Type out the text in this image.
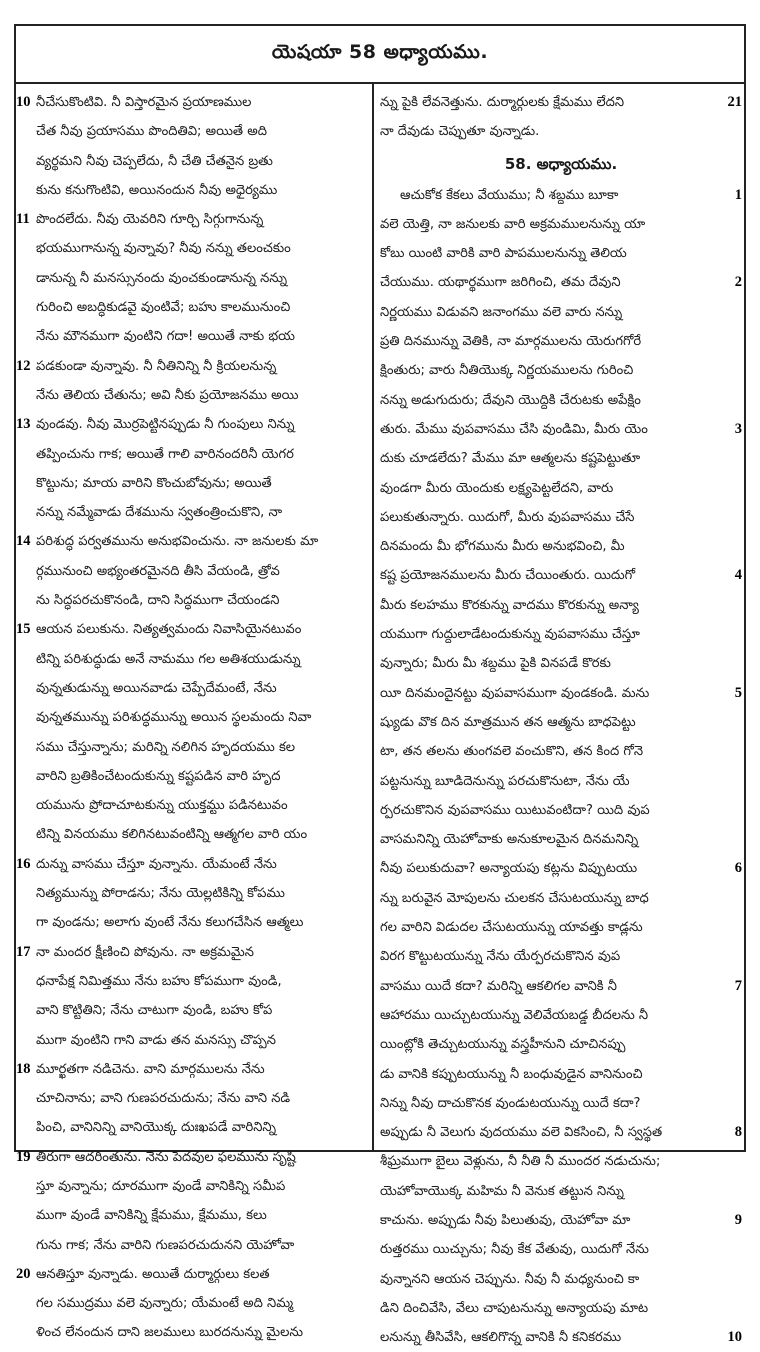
యెషయా 58 అధ్యాయము.
10 నీచేసుకొంటివి. నీ విస్తారమైన ప్రయాణముల
చేత నీవు ప్రయాసము పొందితివి; అయితే అది
వ్యర్థమని నీవు చెప్పలేదు, నీ చేతి చేతనైన బ్రతు
కును కనుగొంటివి, అయినందున నీవు అధైర్యము
11 పొందలేదు. నీవు యెవరిని గూర్చి సిగ్గుగానున్న
భయముగానున్న వున్నావు? నీవు నన్ను తలంచకుం
డానున్న నీ మనస్సునందు వుంచకుండానున్న నన్ను
గురించి అబద్ధికుడవై వుంటివే; బహు కాలమునుంచి
నేను మౌనముగా వుంటిని గదా! అయితే నాకు భయ
12 పడకుండా వున్నావు. నీ నీతినిన్ని నీ క్రియలనున్న
నేను తెలియ చేతును; అవి నీకు ప్రయోజనము అయి
13 వుండవు. నీవు మొర్రపెట్టినప్పుడు నీ గుంపులు నిన్ను
తప్పించును గాక; అయితే గాలి వారినందరినీ యెగర
కొట్టును; మాయ వారిని కొంచుబోవును; అయితే
నన్ను నమ్మేవాడు దేశమును స్వతంత్రించుకొని, నా
14 పరిశుద్ధ పర్వతమును అనుభవించును. నా జనులకు మా
ర్గమునుంచి అభ్యంతరమైనది తీసి వేయండి, త్రోవ
ను సిద్ధపరచుకొనండి, దాని సిద్ధముగా చేయండని
15 ఆయన పలుకును. నిత్యత్వమందు నివాసియైనటువం
టిన్ని పరిశుద్ధుడు అనే నామము గల అతిశయుడున్ను
వున్నతుడున్ను అయినవాడు చెప్పేదేమంటే, నేను
వున్నతమున్ను పరిశుద్ధమున్ను అయిన స్థలమందు నివా
సము చేస్తున్నాను; మరిన్ని నలిగిన హృదయము కల
వారిని బ్రతికించేటందుకున్ను కష్టపడిన వారి హృద
యమును ప్రోదాచూటకున్ను యుక్తమ్టు పడినటువం
టిన్ని వినయము కలిగినటువంటిన్ని ఆత్మగల వారి యం
16 దున్ను వాసము చేస్తూ వున్నాను. యేమంటే నేను
నిత్యమున్ను పోరాడను; నేను యెల్లటికిన్ని కోపము
గా వుండను; అలాగు వుంటే నేను కలుగచేసిన ఆత్మలు
17 నా మందర క్షీణించి పోవును. నా అక్రమమైన
ధనాపేక్ష నిమిత్తము నేను బహు కోపముగా వుండి,
వాని కొట్టితిని; నేను చాటుగా వుండి, బహు కోప
ముగా వుంటిని గాని వాడు తన మనస్సు చొప్పన
18 మూర్ఖతగా నడిచెను. వాని మార్గములను నేను
చూచినాను; వాని గుణపరచుదును; నేను వాని నడి
పించి, వానినిన్ని వానియొక్క దుఃఖపడే వారినిన్ని
19 తిరుగా ఆదరింతును. నేను పెదవుల ఫలమును సృష్టి
స్తూ వున్నాను; దూరముగా వుండే వానికిన్ని సమీప
ముగా వుండే వానికిన్ని క్షేమము, క్షేమము, కలు
గును గాక; నేను వారిని గుణపరచుదునని యెహోవా
20 ఆనతిస్తూ వున్నాడు. అయితే దుర్మార్గులు కలత
గల సముద్రము వలె వున్నారు; యేమంటే అది నిమ్మ
ళించ లేనందున దాని జలములు బురదనున్ను మైలను
న్ను పైకి లేవనెత్తును. దుర్మార్గులకు క్షేమము లేదని	21
నా దేవుడు చెప్పుతూ వున్నాడు.
58. అధ్యాయము.
ఆచుకోక కేకలు వేయుము; నీ శబ్దము బూకా	1
వలె యెత్తి, నా జనులకు వారి అక్రమములనున్ను యా
కోబు యింటి వారికి వారి పాపములనున్ను తెలియ
చేయుము. యథార్థముగా జరిగించి, తమ దేవుని	2
నిర్ణయము విడువని జనాంగము వలె వారు నన్ను
ప్రతి దినమున్ను వెతికి, నా మార్గములను యెరుగగోరే
క్షింతురు; వారు నీతియొక్క నిర్ణయములను గురించి
నన్ను అడుగుదురు; దేవుని యొద్దికి చేరుటకు అపేక్షిం
తురు. మేము వుపవాసము చేసి వుండిమి, మీరు యెం	3
దుకు చూడలేదు? మేము మా ఆత్మలను కష్టపెట్టుతూ
వుండగా మీరు యెందుకు లక్ష్యపెట్టలేదని, వారు
పలుకుతున్నారు. యిదుగో, మీరు వుపవాసము చేసే
దినమందు మీ భోగమును మీరు అనుభవించి, మీ
కష్ట ప్రయోజనములను మీరు చేయింతురు. యిదుగో	4
మీరు కలహము కొరకున్ను వాదము కొరకున్ను అన్యా
యముగా గుద్దులాడేటందుకున్ను వుపవాసము చేస్తూ
వున్నారు; మీరు మీ శబ్దము పైకి వినపడే కొరకు
యీ దినమందైనట్టు వుపవాసముగా వుండకండి. మను	5
ష్యుడు వొక దిన మాత్రమున తన ఆత్మను బాధపెట్టు
టా, తన తలను తుంగవలె వంచుకొని, తన కింద గోనె
పట్టనున్ను బూడిదెనున్ను పరచుకొనుటా, నేను యే
ర్పరచుకొనిన వుపవాసము యిటువంటిదా? యిది వుప
వాసమనిన్ని యెహోవాకు అనుకూలమైన దినమనిన్ని
నీవు పలుకుదువా? అన్యాయపు కట్లను విప్పుటయు	6
న్ను బరువైన మోపులను చులకన చేసుటయున్ను బాధ
గల వారిని విడుదల చేసుటయున్ను యావత్తు కాడ్లను
విరగ కొట్టుటయున్ను నేను యేర్పరచుకొనిన వుప
వాసము యిదే కదా? మరిన్ని ఆకలిగల వానికి నీ	7
ఆహారము యిచ్చుటయున్ను వెలివేయబడ్డ బీదలను నీ
యింట్లోకి తెచ్చుటయున్ను వస్త్రహీనుని చూచినప్పు
డు వానికి కప్పుటయున్ను నీ బంధువుడైన వానినుంచి
నిన్ను నీవు దాచుకొనక వుండుటయున్ను యిదే కదా?
అప్పుడు నీ వెలుగు వుదయము వలె వికసించి, నీ స్వస్థత	8
శీఘ్రముగా బైలు వెళ్లును, నీ నీతి నీ ముందర నడుచును;
యెహోవాయొక్క మహిమ నీ వెనుక తట్టున నిన్ను
కాచును. అప్పుడు నీవు పిలుతువు, యెహోవా మా	9
రుత్తరము యిచ్చును; నీవు కేక వేతువు, యిదుగో నేను
వున్నానని ఆయన చెప్పును. నీవు నీ మధ్యనుంచి కా
డిని దించివేసి, వేలు చాపుటనున్ను అన్యాయపు మాట
లనున్ను తీసివేసి, ఆకలిగొన్న వానికి నీ కనికరము	10
